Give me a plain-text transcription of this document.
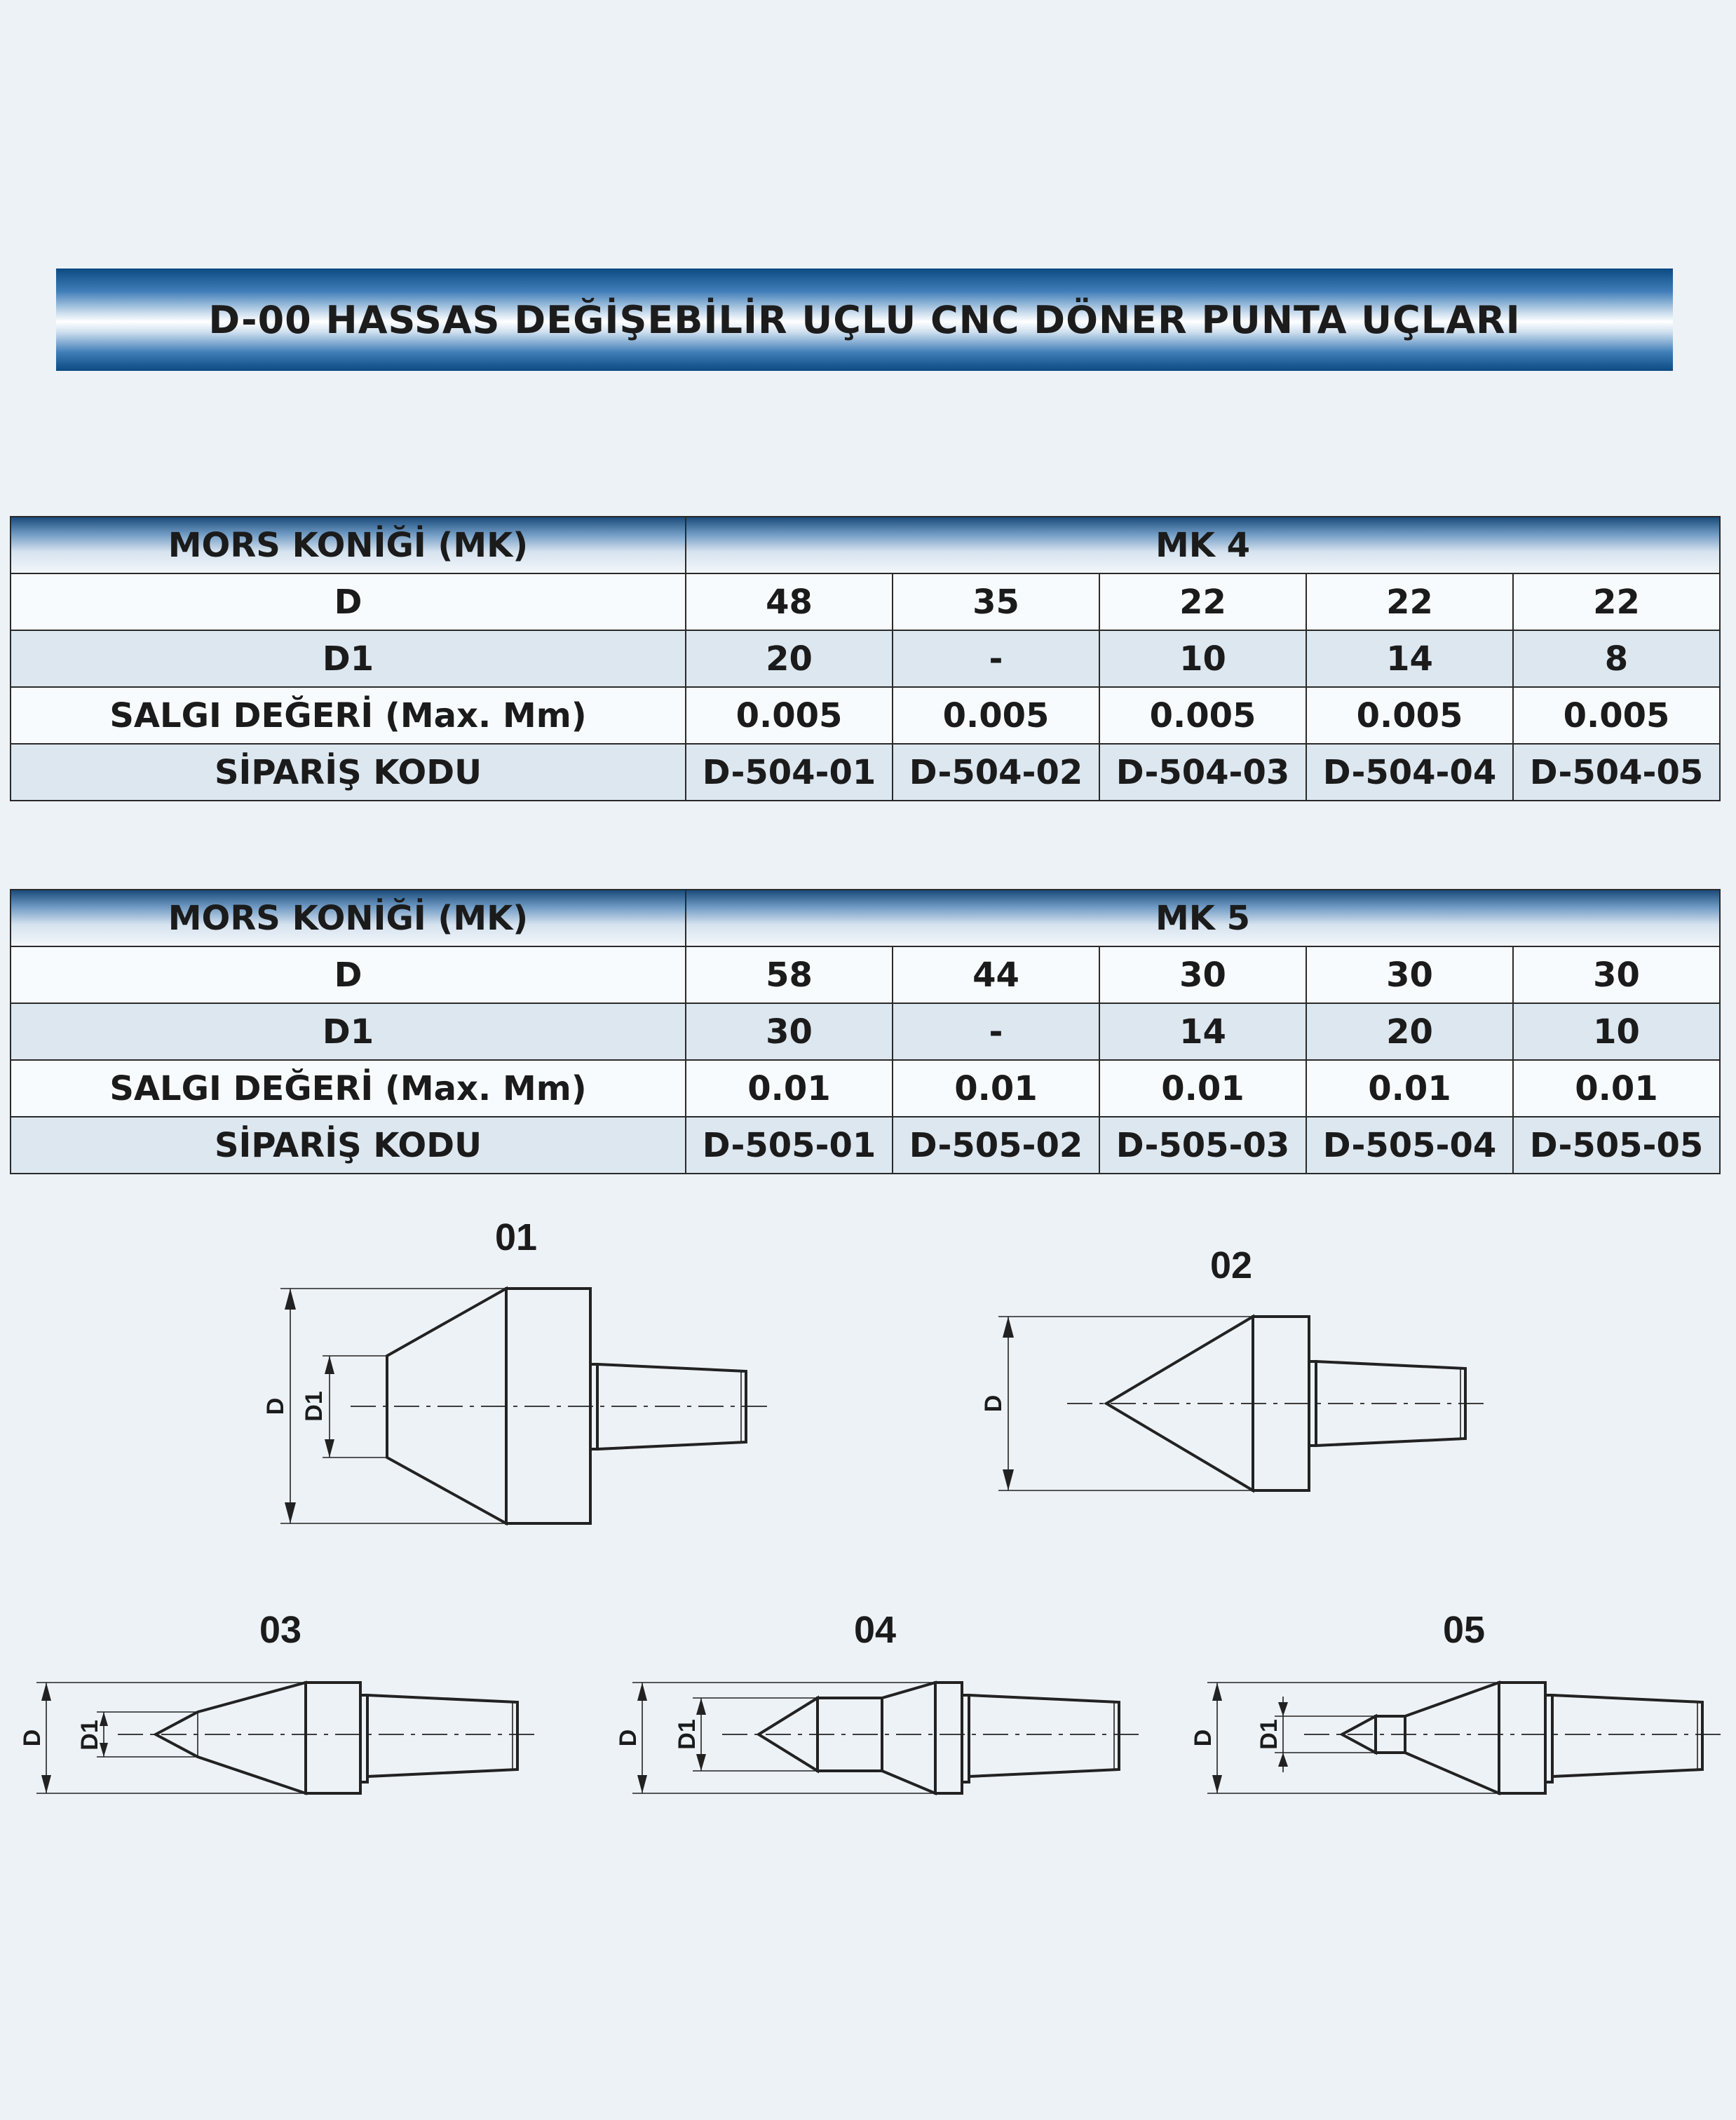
D-00 HASSAS DEĞİŞEBİLİR UÇLU CNC DÖNER PUNTA UÇLARI
MORS KONİĞİ (MK)	MK 4				
D	48	35	22	22	22
D1	20	-	10	14	8
SALGI DEĞERİ (Max. Mm)	0.005	0.005	0.005	0.005	0.005
SİPARİŞ KODU	D-504-01	D-504-02	D-504-03	D-504-04	D-504-05
MORS KONİĞİ (MK)	MK 5				
D	58	44	30	30	30
D1	30	-	14	20	10
SALGI DEĞERİ (Max. Mm)	0.01	0.01	0.01	0.01	0.01
SİPARİŞ KODU	D-505-01	D-505-02	D-505-03	D-505-04	D-505-05
01
D D1
02
D
03
D D1
04
D D1
05
D D1
